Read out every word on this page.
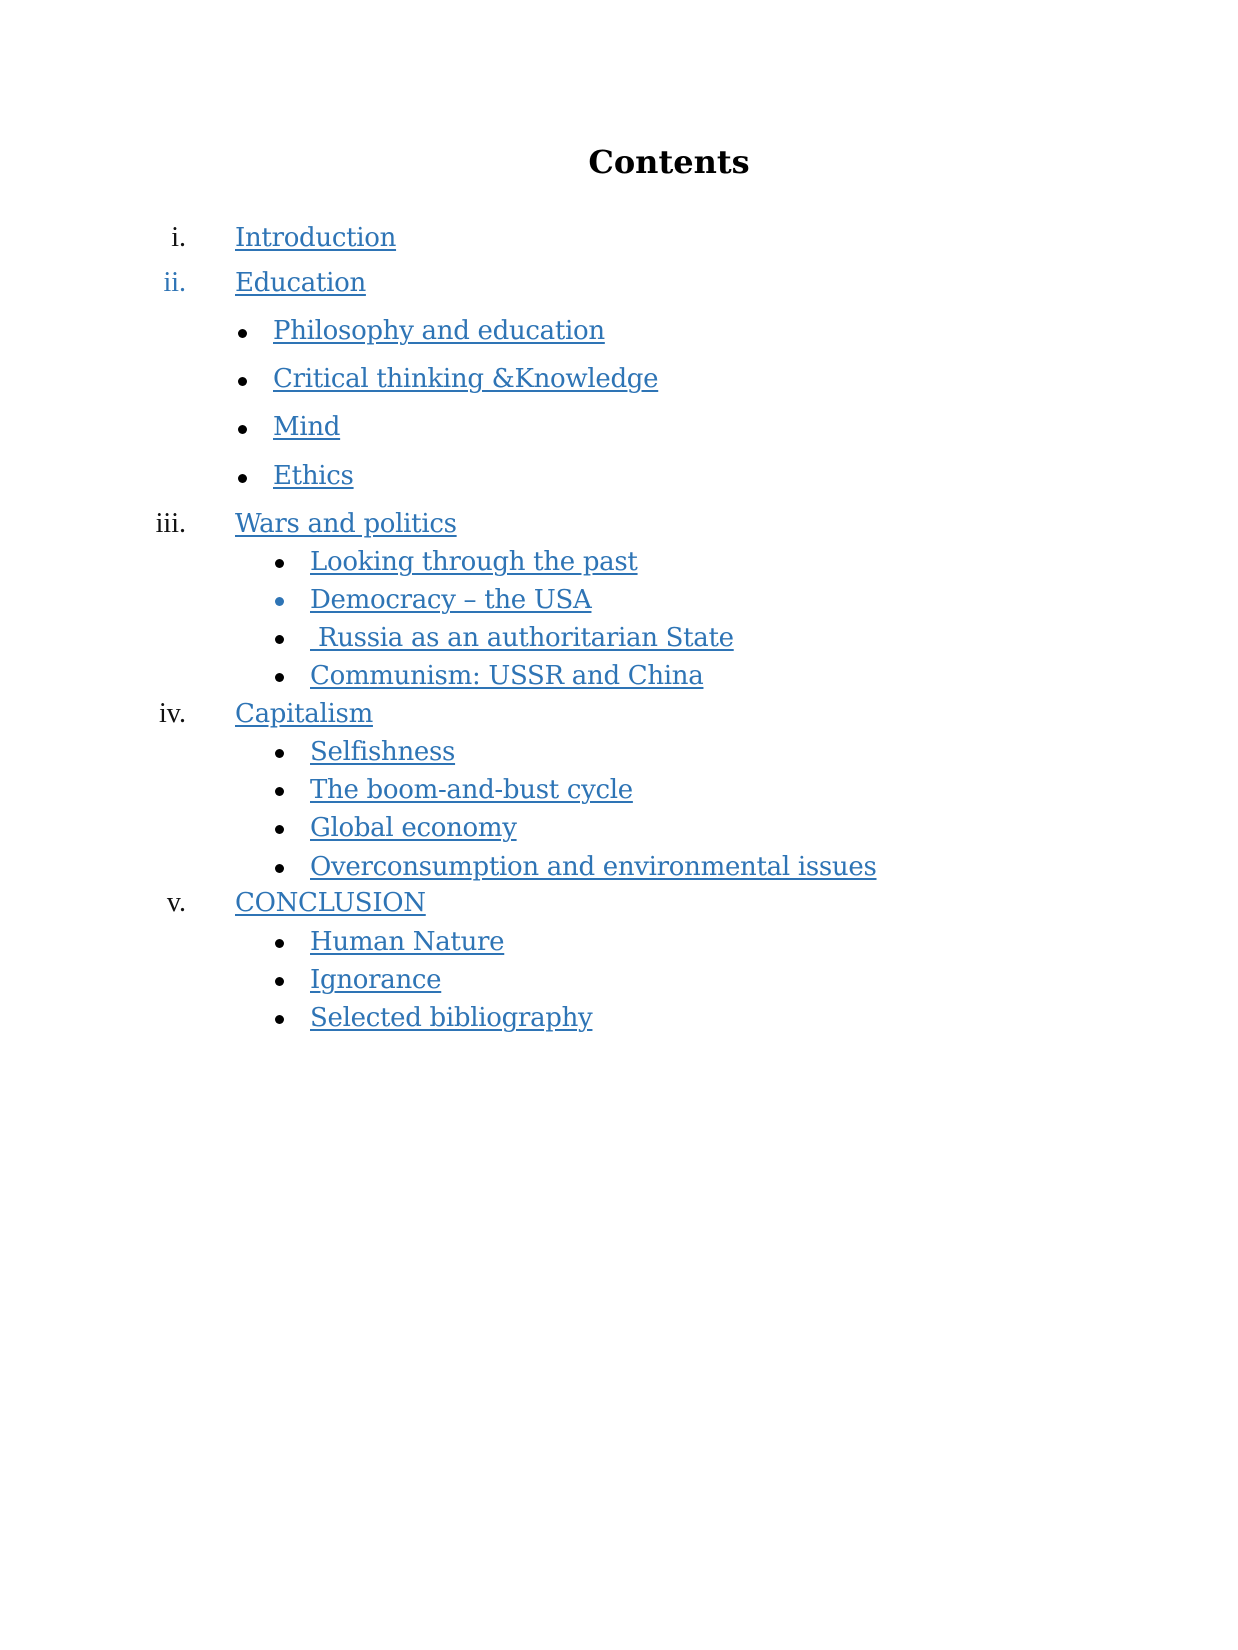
Contents
i. Introduction
ii. Education
Philosophy and education
Critical thinking &Knowledge
Mind
Ethics
iii. Wars and politics
Looking through the past
Democracy – the USA
Russia as an authoritarian State
Communism: USSR and China
iv. Capitalism
Selfishness
The boom-and-bust cycle
Global economy
Overconsumption and environmental issues
v. CONCLUSION
Human Nature
Ignorance
Selected bibliography
